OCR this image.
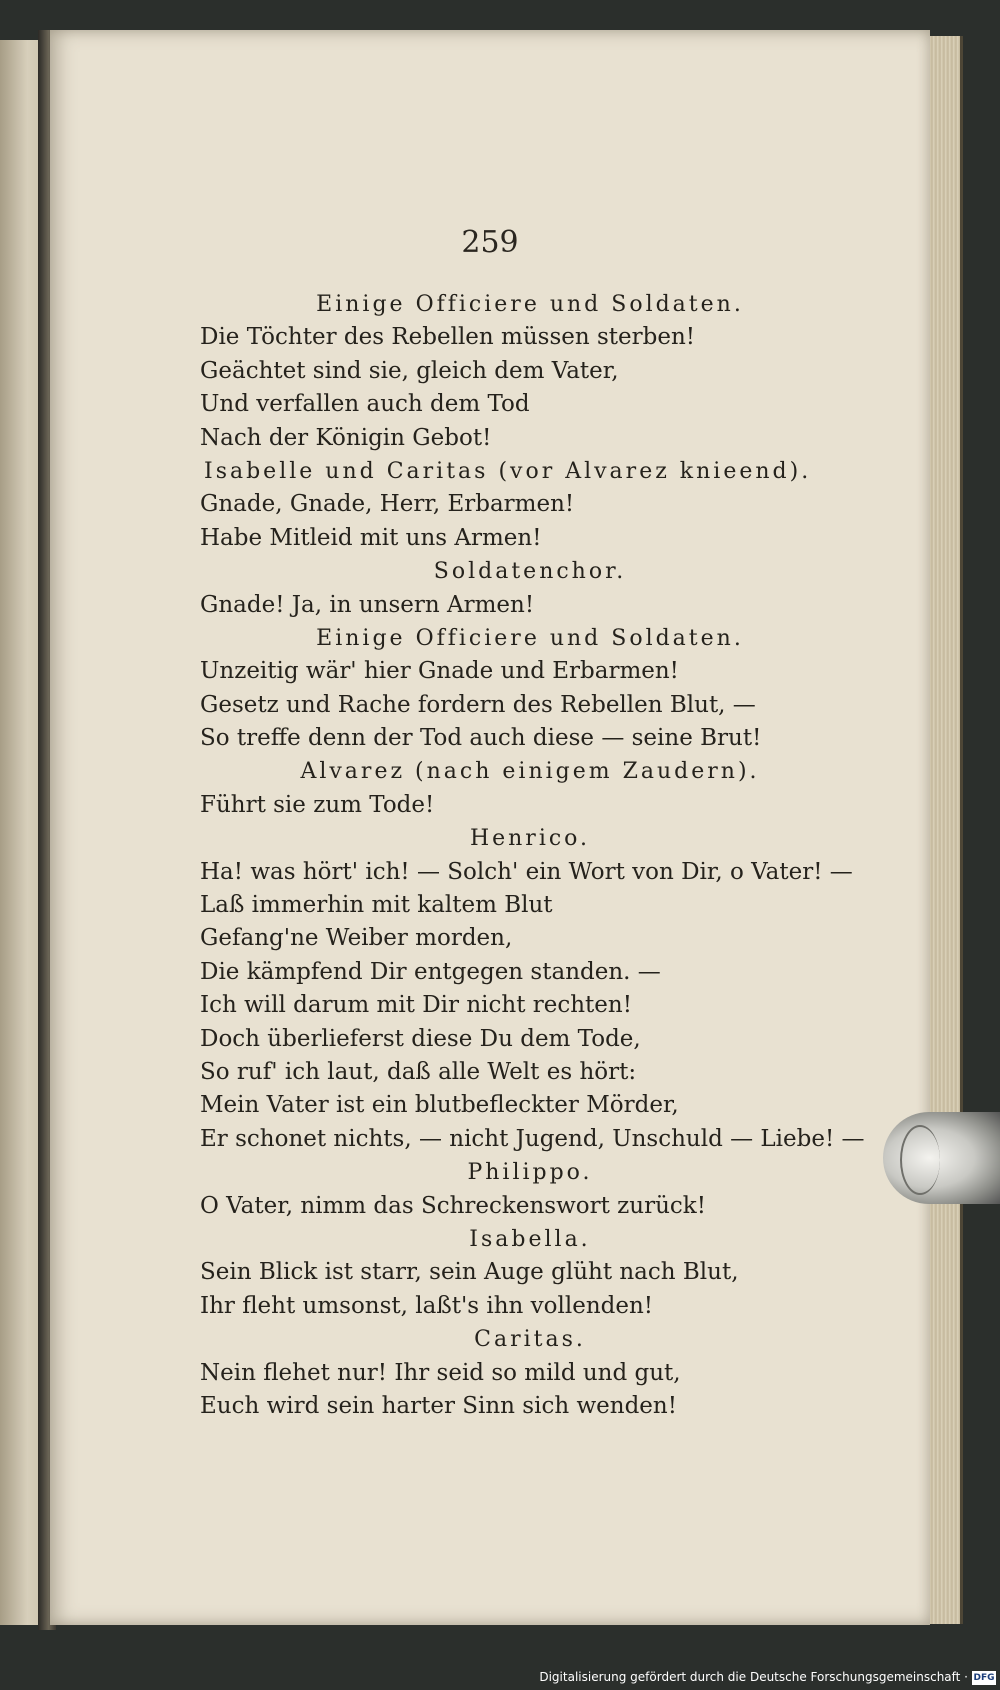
259
Einige Officiere und Soldaten.
Die Töchter des Rebellen müssen sterben!
Geächtet sind sie, gleich dem Vater,
Und verfallen auch dem Tod
Nach der Königin Gebot!
Isabelle und Caritas (vor Alvarez knieend).
Gnade, Gnade, Herr, Erbarmen!
Habe Mitleid mit uns Armen!
Soldatenchor.
Gnade! Ja, in unsern Armen!
Einige Officiere und Soldaten.
Unzeitig wär' hier Gnade und Erbarmen!
Gesetz und Rache fordern des Rebellen Blut, —
So treffe denn der Tod auch diese — seine Brut!
Alvarez (nach einigem Zaudern).
Führt sie zum Tode!
Henrico.
Ha! was hört' ich! — Solch' ein Wort von Dir, o Vater! —
Laß immerhin mit kaltem Blut
Gefang'ne Weiber morden,
Die kämpfend Dir entgegen standen. —
Ich will darum mit Dir nicht rechten!
Doch überlieferst diese Du dem Tode,
So ruf' ich laut, daß alle Welt es hört:
Mein Vater ist ein blutbefleckter Mörder,
Er schonet nichts, — nicht Jugend, Unschuld — Liebe! —
Philippo.
O Vater, nimm das Schreckenswort zurück!
Isabella.
Sein Blick ist starr, sein Auge glüht nach Blut,
Ihr fleht umsonst, laßt's ihn vollenden!
Caritas.
Nein flehet nur! Ihr seid so mild und gut,
Euch wird sein harter Sinn sich wenden!
Digitalisierung gefördert durch die Deutsche Forschungsgemeinschaft · DFG
